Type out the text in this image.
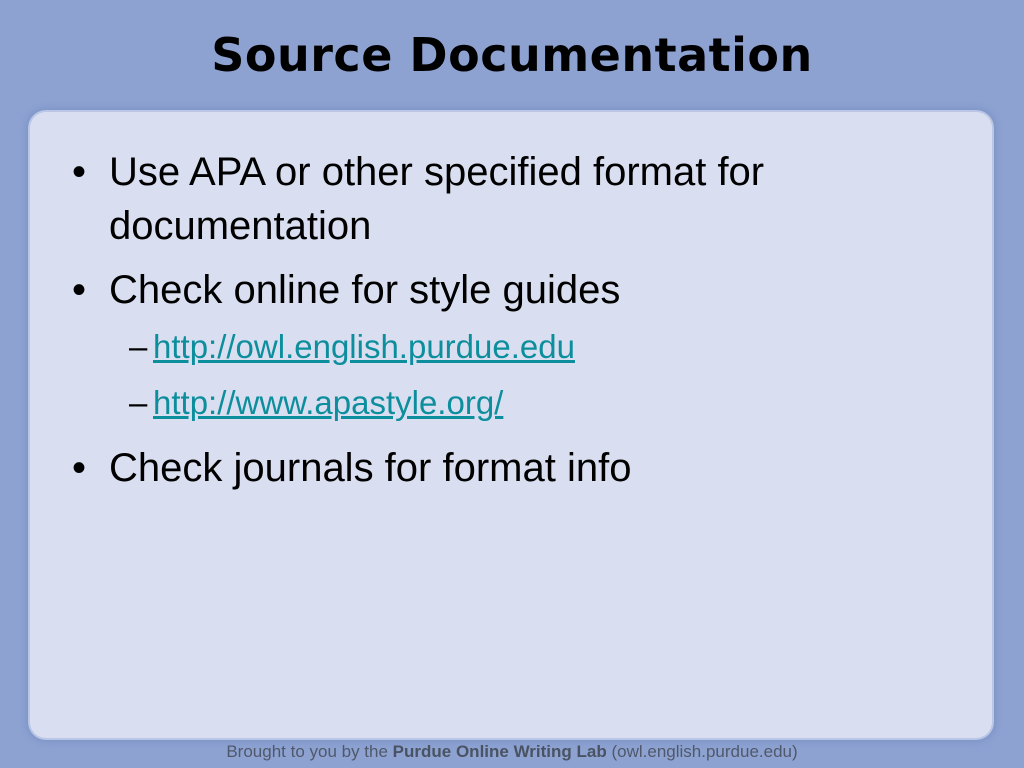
Source Documentation
• Use APA or other specified format for documentation
• Check online for style guides
– http://owl.english.purdue.edu
– http://www.apastyle.org/
• Check journals for format info
Brought to you by the Purdue Online Writing Lab (owl.english.purdue.edu)
